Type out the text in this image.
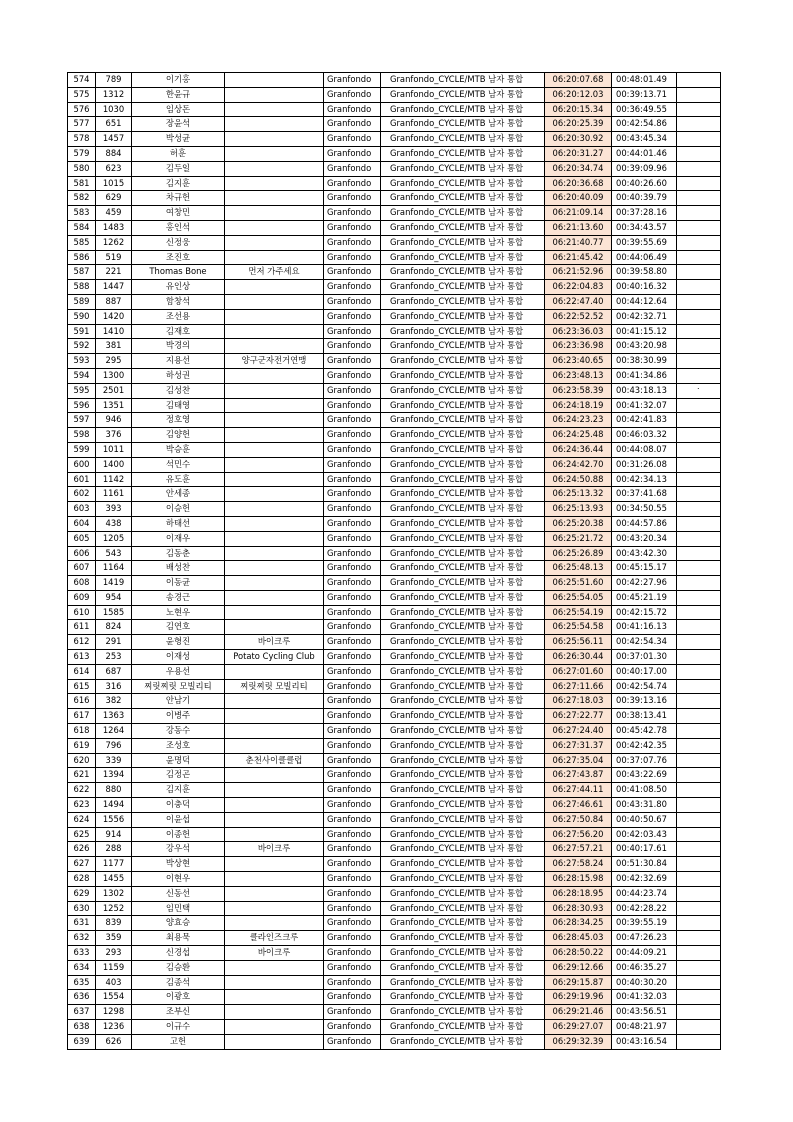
574	789	이기홍		Granfondo	Granfondo_CYCLE/MTB 남자 통합	06:20:07.68	00:48:01.49	
575	1312	한윤규		Granfondo	Granfondo_CYCLE/MTB 남자 통합	06:20:12.03	00:39:13.71	
576	1030	임상돈		Granfondo	Granfondo_CYCLE/MTB 남자 통합	06:20:15.34	00:36:49.55	
577	651	장윤석		Granfondo	Granfondo_CYCLE/MTB 남자 통합	06:20:25.39	00:42:54.86	
578	1457	박성균		Granfondo	Granfondo_CYCLE/MTB 남자 통합	06:20:30.92	00:43:45.34	
579	884	허훈		Granfondo	Granfondo_CYCLE/MTB 남자 통합	06:20:31.27	00:44:01.46	
580	623	김두일		Granfondo	Granfondo_CYCLE/MTB 남자 통합	06:20:34.74	00:39:09.96	
581	1015	김지훈		Granfondo	Granfondo_CYCLE/MTB 남자 통합	06:20:36.68	00:40:26.60	
582	629	차규헌		Granfondo	Granfondo_CYCLE/MTB 남자 통합	06:20:40.09	00:40:39.79	
583	459	여창민		Granfondo	Granfondo_CYCLE/MTB 남자 통합	06:21:09.14	00:37:28.16	
584	1483	홍인석		Granfondo	Granfondo_CYCLE/MTB 남자 통합	06:21:13.60	00:34:43.57	
585	1262	신정웅		Granfondo	Granfondo_CYCLE/MTB 남자 통합	06:21:40.77	00:39:55.69	
586	519	조진호		Granfondo	Granfondo_CYCLE/MTB 남자 통합	06:21:45.42	00:44:06.49	
587	221	Thomas Bone	먼저 가주세요	Granfondo	Granfondo_CYCLE/MTB 남자 통합	06:21:52.96	00:39:58.80	
588	1447	유인상		Granfondo	Granfondo_CYCLE/MTB 남자 통합	06:22:04.83	00:40:16.32	
589	887	함창석		Granfondo	Granfondo_CYCLE/MTB 남자 통합	06:22:47.40	00:44:12.64	
590	1420	조선용		Granfondo	Granfondo_CYCLE/MTB 남자 통합	06:22:52.52	00:42:32.71	
591	1410	김재호		Granfondo	Granfondo_CYCLE/MTB 남자 통합	06:23:36.03	00:41:15.12	
592	381	박경의		Granfondo	Granfondo_CYCLE/MTB 남자 통합	06:23:36.98	00:43:20.98	
593	295	지용선	양구군자전거연맹	Granfondo	Granfondo_CYCLE/MTB 남자 통합	06:23:40.65	00:38:30.99	
594	1300	하성권		Granfondo	Granfondo_CYCLE/MTB 남자 통합	06:23:48.13	00:41:34.86	
595	2501	김성찬		Granfondo	Granfondo_CYCLE/MTB 남자 통합	06:23:58.39	00:43:18.13	
596	1351	김태영		Granfondo	Granfondo_CYCLE/MTB 남자 통합	06:24:18.19	00:41:32.07	
597	946	정호영		Granfondo	Granfondo_CYCLE/MTB 남자 통합	06:24:23.23	00:42:41.83	
598	376	김양헌		Granfondo	Granfondo_CYCLE/MTB 남자 통합	06:24:25.48	00:46:03.32	
599	1011	박승훈		Granfondo	Granfondo_CYCLE/MTB 남자 통합	06:24:36.44	00:44:08.07	
600	1400	석민수		Granfondo	Granfondo_CYCLE/MTB 남자 통합	06:24:42.70	00:31:26.08	
601	1142	유도훈		Granfondo	Granfondo_CYCLE/MTB 남자 통합	06:24:50.88	00:42:34.13	
602	1161	안세종		Granfondo	Granfondo_CYCLE/MTB 남자 통합	06:25:13.32	00:37:41.68	
603	393	이승헌		Granfondo	Granfondo_CYCLE/MTB 남자 통합	06:25:13.93	00:34:50.55	
604	438	하태선		Granfondo	Granfondo_CYCLE/MTB 남자 통합	06:25:20.38	00:44:57.86	
605	1205	이재우		Granfondo	Granfondo_CYCLE/MTB 남자 통합	06:25:21.72	00:43:20.34	
606	543	김동춘		Granfondo	Granfondo_CYCLE/MTB 남자 통합	06:25:26.89	00:43:42.30	
607	1164	배성찬		Granfondo	Granfondo_CYCLE/MTB 남자 통합	06:25:48.13	00:45:15.17	
608	1419	이동균		Granfondo	Granfondo_CYCLE/MTB 남자 통합	06:25:51.60	00:42:27.96	
609	954	송경근		Granfondo	Granfondo_CYCLE/MTB 남자 통합	06:25:54.05	00:45:21.19	
610	1585	노현우		Granfondo	Granfondo_CYCLE/MTB 남자 통합	06:25:54.19	00:42:15.72	
611	824	김연호		Granfondo	Granfondo_CYCLE/MTB 남자 통합	06:25:54.58	00:41:16.13	
612	291	윤형진	바이크루	Granfondo	Granfondo_CYCLE/MTB 남자 통합	06:25:56.11	00:42:54.34	
613	253	이재성	Potato Cycling Club	Granfondo	Granfondo_CYCLE/MTB 남자 통합	06:26:30.44	00:37:01.30	
614	687	우용선		Granfondo	Granfondo_CYCLE/MTB 남자 통합	06:27:01.60	00:40:17.00	
615	316	찌릿찌릿 모빌리티	찌릿찌릿 모빌리티	Granfondo	Granfondo_CYCLE/MTB 남자 통합	06:27:11.66	00:42:54.74	
616	382	안남기		Granfondo	Granfondo_CYCLE/MTB 남자 통합	06:27:18.03	00:39:13.16	
617	1363	이병주		Granfondo	Granfondo_CYCLE/MTB 남자 통합	06:27:22.77	00:38:13.41	
618	1264	강동수		Granfondo	Granfondo_CYCLE/MTB 남자 통합	06:27:24.40	00:45:42.78	
619	796	조성호		Granfondo	Granfondo_CYCLE/MTB 남자 통합	06:27:31.37	00:42:42.35	
620	339	윤명덕	춘천사이클클럽	Granfondo	Granfondo_CYCLE/MTB 남자 통합	06:27:35.04	00:37:07.76	
621	1394	김정곤		Granfondo	Granfondo_CYCLE/MTB 남자 통합	06:27:43.87	00:43:22.69	
622	880	김지훈		Granfondo	Granfondo_CYCLE/MTB 남자 통합	06:27:44.11	00:41:08.50	
623	1494	이충덕		Granfondo	Granfondo_CYCLE/MTB 남자 통합	06:27:46.61	00:43:31.80	
624	1556	이윤섭		Granfondo	Granfondo_CYCLE/MTB 남자 통합	06:27:50.84	00:40:50.67	
625	914	이종헌		Granfondo	Granfondo_CYCLE/MTB 남자 통합	06:27:56.20	00:42:03.43	
626	288	강우석	바이크루	Granfondo	Granfondo_CYCLE/MTB 남자 통합	06:27:57.21	00:40:17.61	
627	1177	박상현		Granfondo	Granfondo_CYCLE/MTB 남자 통합	06:27:58.24	00:51:30.84	
628	1455	이현우		Granfondo	Granfondo_CYCLE/MTB 남자 통합	06:28:15.98	00:42:32.69	
629	1302	신동선		Granfondo	Granfondo_CYCLE/MTB 남자 통합	06:28:18.95	00:44:23.74	
630	1252	임민택		Granfondo	Granfondo_CYCLE/MTB 남자 통합	06:28:30.93	00:42:28.22	
631	839	양효승		Granfondo	Granfondo_CYCLE/MTB 남자 통합	06:28:34.25	00:39:55.19	
632	359	최용묵	클라인즈크루	Granfondo	Granfondo_CYCLE/MTB 남자 통합	06:28:45.03	00:47:26.23	
633	293	신경섭	바이크루	Granfondo	Granfondo_CYCLE/MTB 남자 통합	06:28:50.22	00:44:09.21	
634	1159	김승환		Granfondo	Granfondo_CYCLE/MTB 남자 통합	06:29:12.66	00:46:35.27	
635	403	김종석		Granfondo	Granfondo_CYCLE/MTB 남자 통합	06:29:15.87	00:40:30.20	
636	1554	이광호		Granfondo	Granfondo_CYCLE/MTB 남자 통합	06:29:19.96	00:41:32.03	
637	1298	조부신		Granfondo	Granfondo_CYCLE/MTB 남자 통합	06:29:21.46	00:43:56.51	
638	1236	이규수		Granfondo	Granfondo_CYCLE/MTB 남자 통합	06:29:27.07	00:48:21.97	
639	626	고헌		Granfondo	Granfondo_CYCLE/MTB 남자 통합	06:29:32.39	00:43:16.54	
.
